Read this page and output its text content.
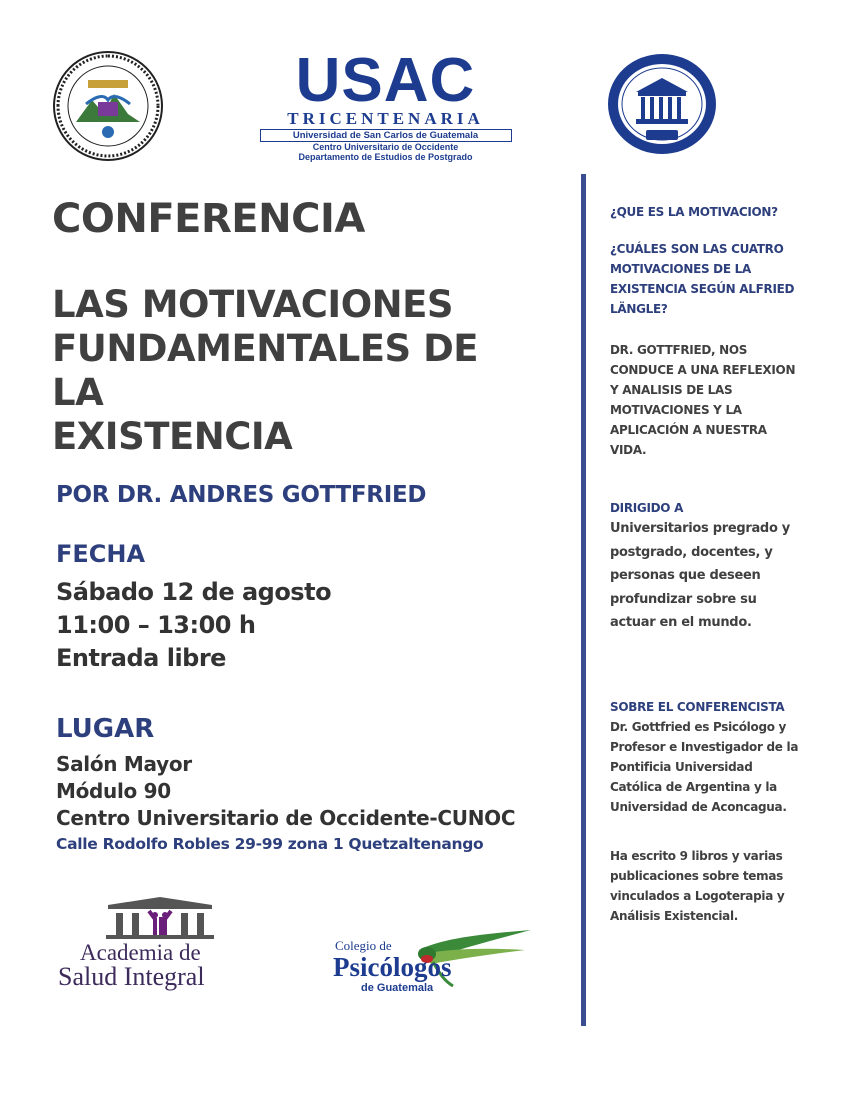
USAC
TRICENTENARIA
Universidad de San Carlos de Guatemala
Centro Universitario de Occidente
Departamento de Estudios de Postgrado
CONFERENCIA
LAS MOTIVACIONES
FUNDAMENTALES DE LA
EXISTENCIA
POR DR. ANDRES GOTTFRIED
FECHA
Sábado 12 de agosto
11:00 – 13:00 h
Entrada libre
LUGAR
Salón Mayor
Módulo 90
Centro Universitario de Occidente-CUNOC
Calle Rodolfo Robles 29-99 zona 1 Quetzaltenango
¿QUE ES LA MOTIVACION?
¿CUÁLES SON LAS CUATRO
MOTIVACIONES DE LA
EXISTENCIA SEGÚN ALFRIED
LÄNGLE?
DR. GOTTFRIED, NOS
CONDUCE A UNA REFLEXION
Y ANALISIS DE LAS
MOTIVACIONES Y LA
APLICACIÓN A NUESTRA
VIDA.
DIRIGIDO A
Universitarios pregrado y
postgrado, docentes, y
personas que deseen
profundizar sobre su
actuar en el mundo.
SOBRE EL CONFERENCISTA
Dr. Gottfried es Psicólogo y
Profesor e Investigador de la
Pontificia Universidad
Católica de Argentina y la
Universidad de Aconcagua.
Ha escrito 9 libros y varias
publicaciones sobre temas
vinculados a Logoterapia y
Análisis Existencial.
Academia de
Salud Integral
Colegio de
Psicólogos
de Guatemala
